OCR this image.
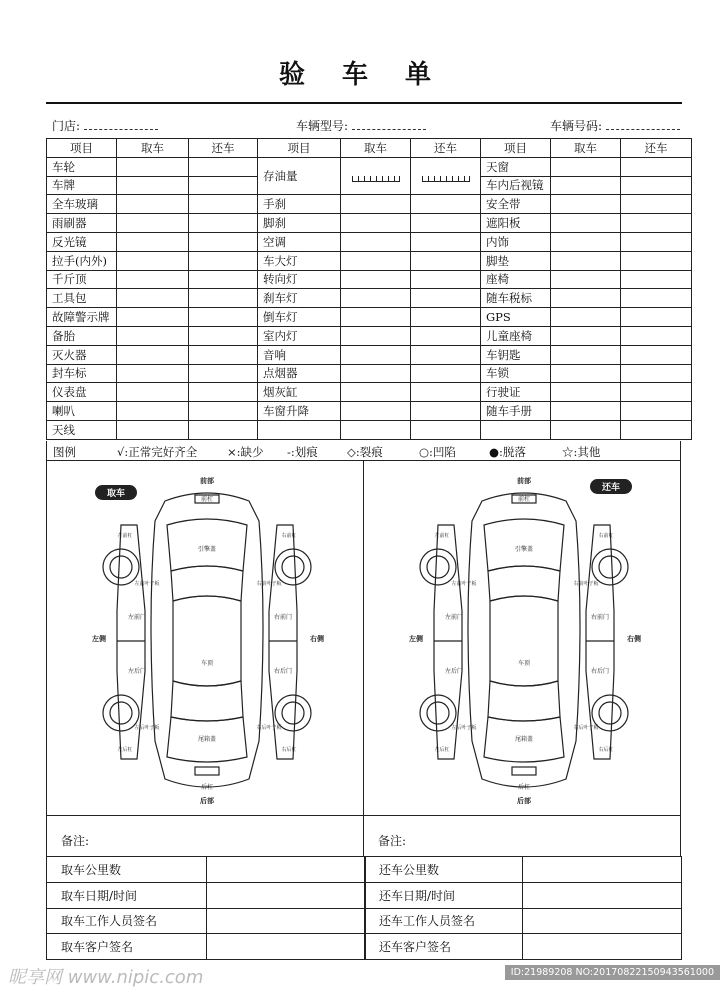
验 车 单
门店:	车辆型号:	车辆号码:
项目	取车	还车	项目	取车	还车	项目	取车	还车
车轮			存油量			天窗		
车牌						车内后视镜		
全车玻璃			手刹			安全带		
雨刷器			脚刹			遮阳板		
反光镜			空调			内饰		
拉手(内外)			车大灯			脚垫		
千斤顶			转向灯			座椅		
工具包			刹车灯			随车税标		
故障警示牌			倒车灯			GPS		
备胎			室内灯			儿童座椅		
灭火器			音响			车钥匙		
封车标			点烟器			车锁		
仪表盘			烟灰缸			行驶证		
喇叭			车窗升降			随车手册		
天线								
图例	√:正常完好齐全	×:缺少 -:划痕	◇:裂痕	○:凹陷	●:脱落	☆:其他
取车
前部
前杠
引擎盖
车顶
尾箱盖
后杠
后部
左侧	右侧
左前门
左后门
右前门
右后门
左前杠	右前杠
左后杠	右后杠
左前叶子板	右前叶子板
左后叶子板	右后叶子板
还车
前部
前杠
引擎盖
车顶
尾箱盖
后杠
后部
左侧	右侧
左前门
左后门
右前门
右后门
左前杠	右前杠
左后杠	右后杠
左前叶子板	右前叶子板
左后叶子板	右后叶子板
备注:	备注:
取车公里数	
取车日期/时间	
取车工作人员签名	
取车客户签名	
还车公里数	
还车日期/时间	
还车工作人员签名	
还车客户签名	
昵享网 www.nipic.com	ID:21989208 NO:20170822150943561000
